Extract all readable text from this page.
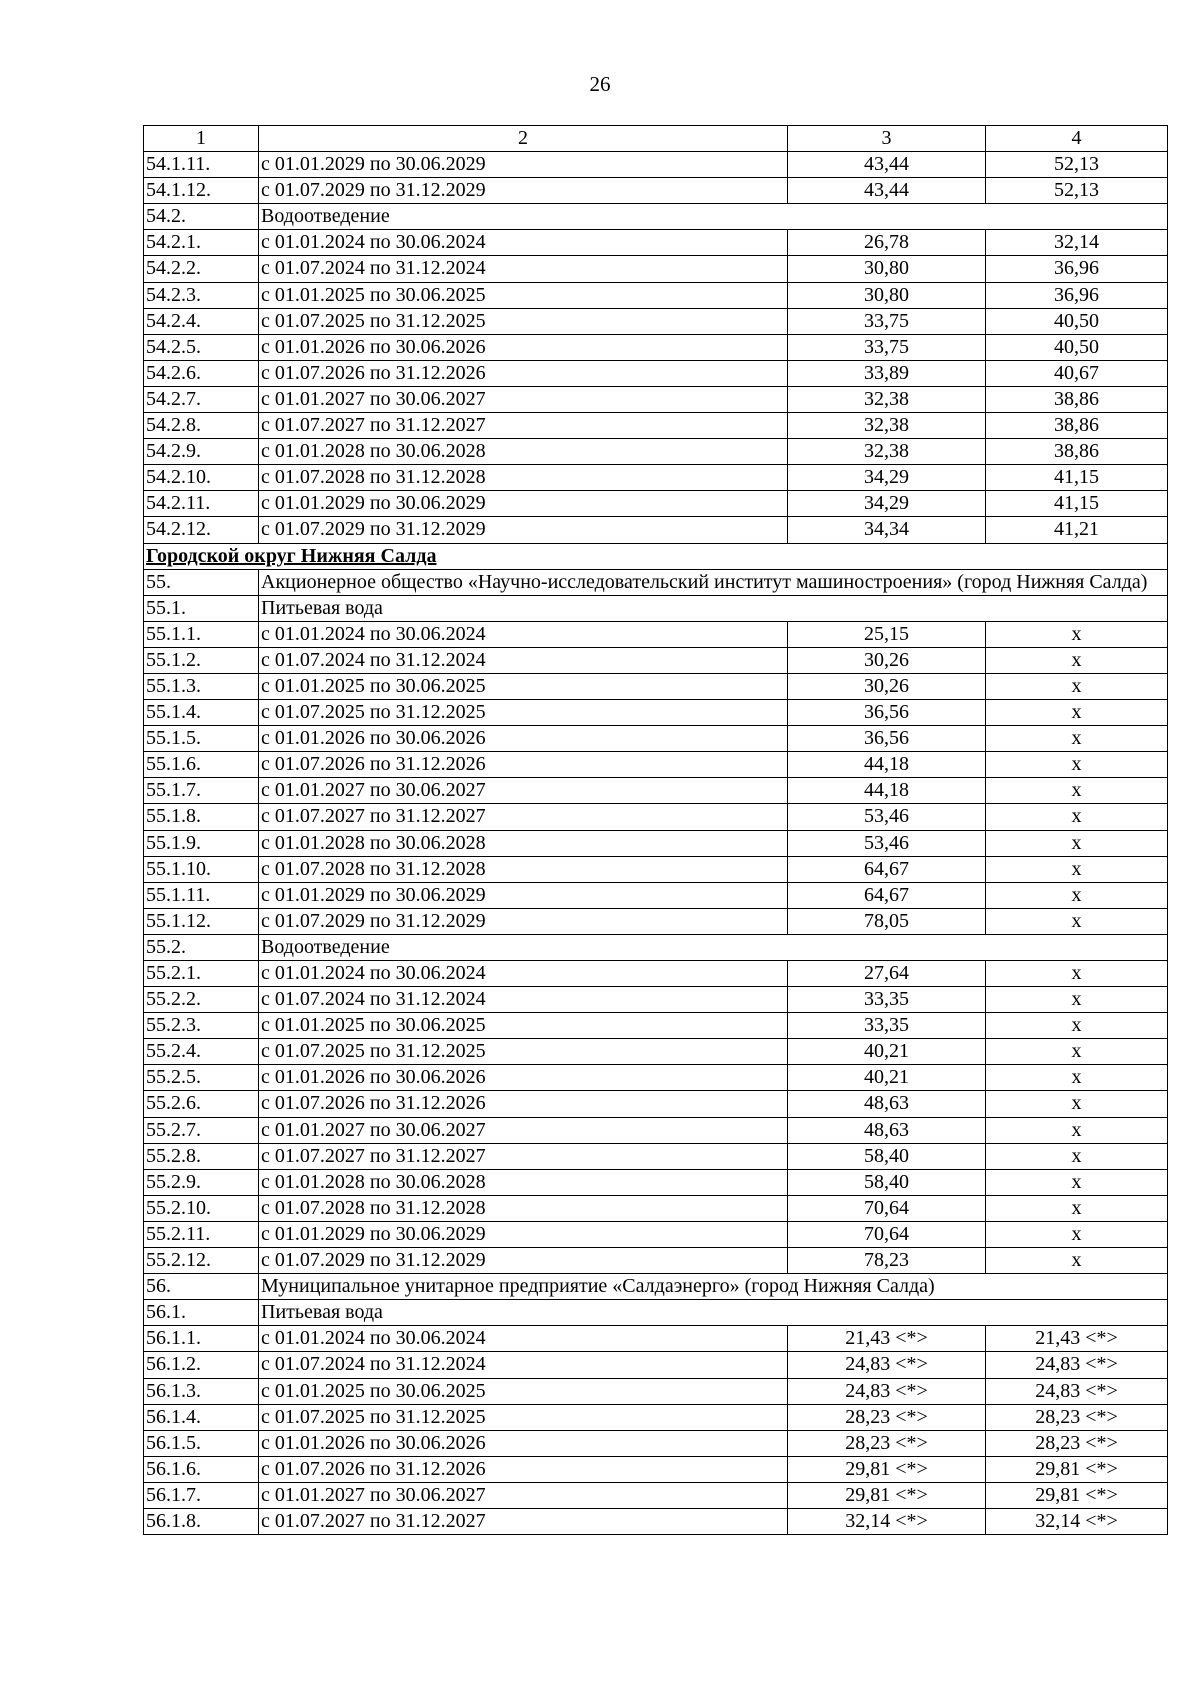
26
1	2	3	4
54.1.11.	с 01.01.2029 по 30.06.2029	43,44	52,13
54.1.12.	с 01.07.2029 по 31.12.2029	43,44	52,13
54.2.	Водоотведение		
54.2.1.	с 01.01.2024 по 30.06.2024	26,78	32,14
54.2.2.	с 01.07.2024 по 31.12.2024	30,80	36,96
54.2.3.	с 01.01.2025 по 30.06.2025	30,80	36,96
54.2.4.	с 01.07.2025 по 31.12.2025	33,75	40,50
54.2.5.	с 01.01.2026 по 30.06.2026	33,75	40,50
54.2.6.	с 01.07.2026 по 31.12.2026	33,89	40,67
54.2.7.	с 01.01.2027 по 30.06.2027	32,38	38,86
54.2.8.	с 01.07.2027 по 31.12.2027	32,38	38,86
54.2.9.	с 01.01.2028 по 30.06.2028	32,38	38,86
54.2.10.	с 01.07.2028 по 31.12.2028	34,29	41,15
54.2.11.	с 01.01.2029 по 30.06.2029	34,29	41,15
54.2.12.	с 01.07.2029 по 31.12.2029	34,34	41,21
Городской округ Нижняя Салда			
55.	Акционерное общество «Научно-исследовательский институт машиностроения» (город Нижняя Салда)		
55.1.	Питьевая вода		
55.1.1.	с 01.01.2024 по 30.06.2024	25,15	х
55.1.2.	с 01.07.2024 по 31.12.2024	30,26	х
55.1.3.	с 01.01.2025 по 30.06.2025	30,26	х
55.1.4.	с 01.07.2025 по 31.12.2025	36,56	х
55.1.5.	с 01.01.2026 по 30.06.2026	36,56	х
55.1.6.	с 01.07.2026 по 31.12.2026	44,18	х
55.1.7.	с 01.01.2027 по 30.06.2027	44,18	х
55.1.8.	с 01.07.2027 по 31.12.2027	53,46	х
55.1.9.	с 01.01.2028 по 30.06.2028	53,46	х
55.1.10.	с 01.07.2028 по 31.12.2028	64,67	х
55.1.11.	с 01.01.2029 по 30.06.2029	64,67	х
55.1.12.	с 01.07.2029 по 31.12.2029	78,05	х
55.2.	Водоотведение		
55.2.1.	с 01.01.2024 по 30.06.2024	27,64	х
55.2.2.	с 01.07.2024 по 31.12.2024	33,35	х
55.2.3.	с 01.01.2025 по 30.06.2025	33,35	х
55.2.4.	с 01.07.2025 по 31.12.2025	40,21	х
55.2.5.	с 01.01.2026 по 30.06.2026	40,21	х
55.2.6.	с 01.07.2026 по 31.12.2026	48,63	х
55.2.7.	с 01.01.2027 по 30.06.2027	48,63	х
55.2.8.	с 01.07.2027 по 31.12.2027	58,40	х
55.2.9.	с 01.01.2028 по 30.06.2028	58,40	х
55.2.10.	с 01.07.2028 по 31.12.2028	70,64	х
55.2.11.	с 01.01.2029 по 30.06.2029	70,64	х
55.2.12.	с 01.07.2029 по 31.12.2029	78,23	х
56.	Муниципальное унитарное предприятие «Салдаэнерго» (город Нижняя Салда)		
56.1.	Питьевая вода		
56.1.1.	с 01.01.2024 по 30.06.2024	21,43 <*>	21,43 <*>
56.1.2.	с 01.07.2024 по 31.12.2024	24,83 <*>	24,83 <*>
56.1.3.	с 01.01.2025 по 30.06.2025	24,83 <*>	24,83 <*>
56.1.4.	с 01.07.2025 по 31.12.2025	28,23 <*>	28,23 <*>
56.1.5.	с 01.01.2026 по 30.06.2026	28,23 <*>	28,23 <*>
56.1.6.	с 01.07.2026 по 31.12.2026	29,81 <*>	29,81 <*>
56.1.7.	с 01.01.2027 по 30.06.2027	29,81 <*>	29,81 <*>
56.1.8.	с 01.07.2027 по 31.12.2027	32,14 <*>	32,14 <*>
